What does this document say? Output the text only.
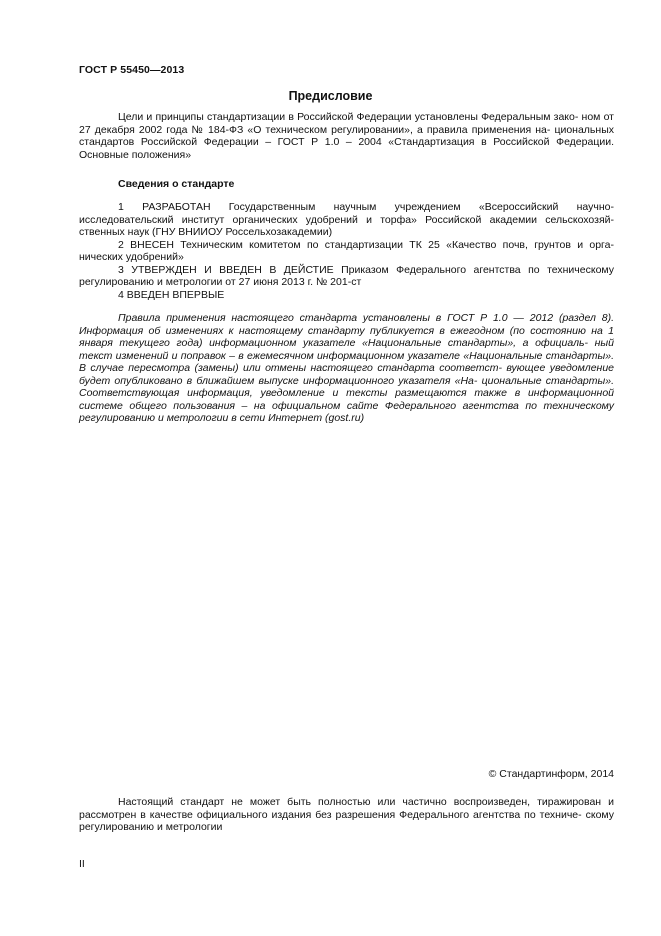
ГОСТ Р 55450—2013
Предисловие

Цели и принципы стандартизации в Российской Федерации установлены Федеральным зако- ном от 27 декабря 2002 года № 184-ФЗ «О техническом регулировании», а правила применения на- циональных стандартов Российской Федерации – ГОСТ Р 1.0 – 2004 «Стандартизация в Российской Федерации. Основные положения»

Сведения о стандарте

1 РАЗРАБОТАН Государственным научным учреждением «Всероссийский научно- исследовательский институт органических удобрений и торфа» Российской академии сельскохозяй- ственных наук (ГНУ ВНИИОУ Россельхозакадемии)

2 ВНЕСЕН Техническим комитетом по стандартизации ТК 25 «Качество почв, грунтов и орга- нических удобрений»

3 УТВЕРЖДЕН И ВВЕДЕН В ДЕЙСТИЕ Приказом Федерального агентства по техническому регулированию и метрологии от 27 июня 2013 г. № 201-ст

4 ВВЕДЕН ВПЕРВЫЕ

Правила применения настоящего стандарта установлены в ГОСТ Р 1.0 — 2012 (раздел 8). Информация об изменениях к настоящему стандарту публикуется в ежегодном (по состоянию на 1 января текущего года) информационном указателе «Национальные стандарты», а официаль- ный текст изменений и поправок – в ежемесячном информационном указателе «Национальные стандарты». В случае пересмотра (замены) или отмены настоящего стандарта соответст- вующее уведомление будет опубликовано в ближайшем выпуске информационного указателя «На- циональные стандарты». Соответствующая информация, уведомление и тексты размещаются также в информационной системе общего пользования – на официальном сайте Федерального агентства по техническому регулированию и метрологии в сети Интернет (gost.ru)

© Стандартинформ, 2014

Настоящий стандарт не может быть полностью или частично воспроизведен, тиражирован и рассмотрен в качестве официального издания без разрешения Федерального агентства по техниче- скому регулированию и метрологии

II
